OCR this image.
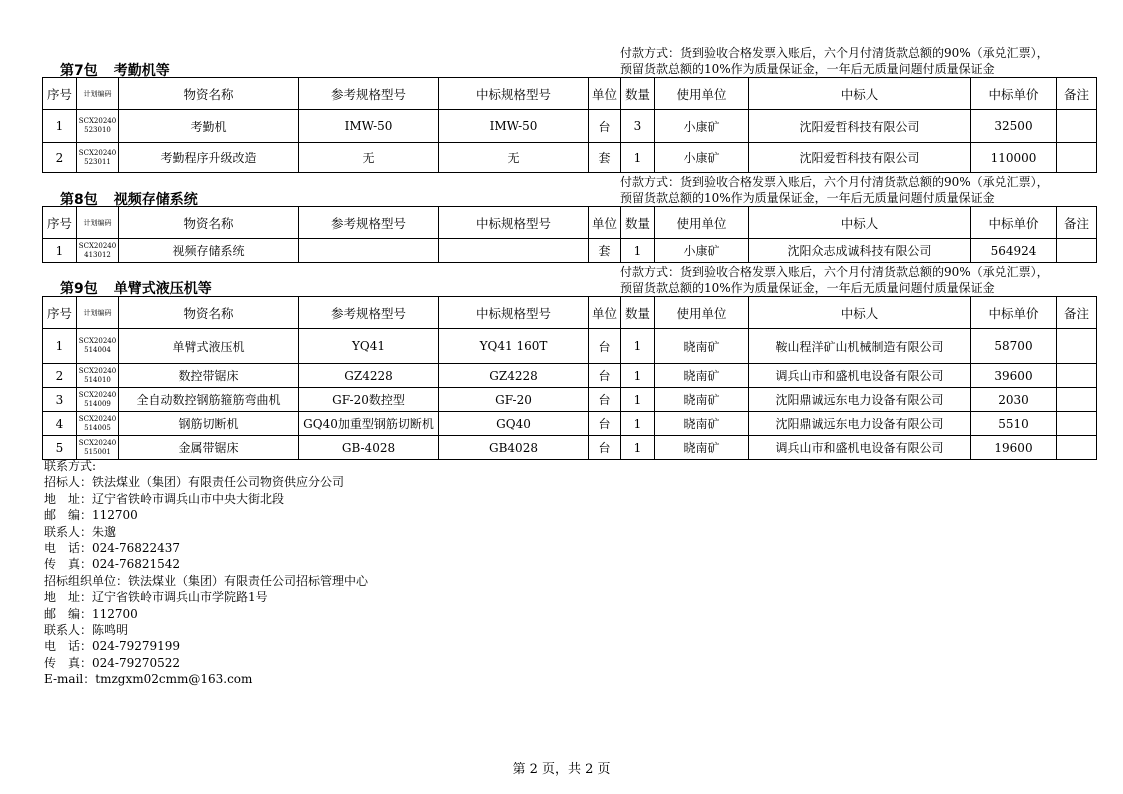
付款方式：货到验收合格发票入账后，六个月付清货款总额的90%（承兑汇票），
预留货款总额的10%作为质量保证金，一年后无质量问题付质量保证金
第7包 考勤机等
序号	计划编码	物资名称	参考规格型号	中标规格型号	单位	数量	使用单位	中标人	中标单价	备注
1	SCX20240523010	考勤机	IMW-50	IMW-50	台	3	小康矿	沈阳爱哲科技有限公司	32500	
2	SCX20240523011	考勤程序升级改造	无	无	套	1	小康矿	沈阳爱哲科技有限公司	110000	
付款方式：货到验收合格发票入账后，六个月付清货款总额的90%（承兑汇票），
预留货款总额的10%作为质量保证金，一年后无质量问题付质量保证金
第8包 视频存储系统
序号	计划编码	物资名称	参考规格型号	中标规格型号	单位	数量	使用单位	中标人	中标单价	备注
1	SCX20240413012	视频存储系统			套	1	小康矿	沈阳众志成诚科技有限公司	564924	
付款方式：货到验收合格发票入账后，六个月付清货款总额的90%（承兑汇票），
预留货款总额的10%作为质量保证金，一年后无质量问题付质量保证金
第9包 单臂式液压机等
序号	计划编码	物资名称	参考规格型号	中标规格型号	单位	数量	使用单位	中标人	中标单价	备注
1	SCX20240514004	单臂式液压机	YQ41	YQ41 160T	台	1	晓南矿	鞍山程洋矿山机械制造有限公司	58700	
2	SCX20240514010	数控带锯床	GZ4228	GZ4228	台	1	晓南矿	调兵山市和盛机电设备有限公司	39600	
3	SCX20240514009	全自动数控钢筋箍筋弯曲机	GF-20数控型	GF-20	台	1	晓南矿	沈阳鼎诚远东电力设备有限公司	2030	
4	SCX20240514005	钢筋切断机	GQ40加重型钢筋切断机	GQ40	台	1	晓南矿	沈阳鼎诚远东电力设备有限公司	5510	
5	SCX20240515001	金属带锯床	GB-4028	GB4028	台	1	晓南矿	调兵山市和盛机电设备有限公司	19600	
联系方式:
招标人：铁法煤业（集团）有限责任公司物资供应分公司
地　址：辽宁省铁岭市调兵山市中央大街北段
邮　编：112700
联系人：朱邈
电　话：024-76822437
传　真：024-76821542
招标组织单位：铁法煤业（集团）有限责任公司招标管理中心
地　址：辽宁省铁岭市调兵山市学院路1号
邮　编：112700
联系人：陈鸣明
电　话：024-79279199
传　真：024-79270522
E-mail：tmzgxm02cmm@163.com
第 2 页，共 2 页
